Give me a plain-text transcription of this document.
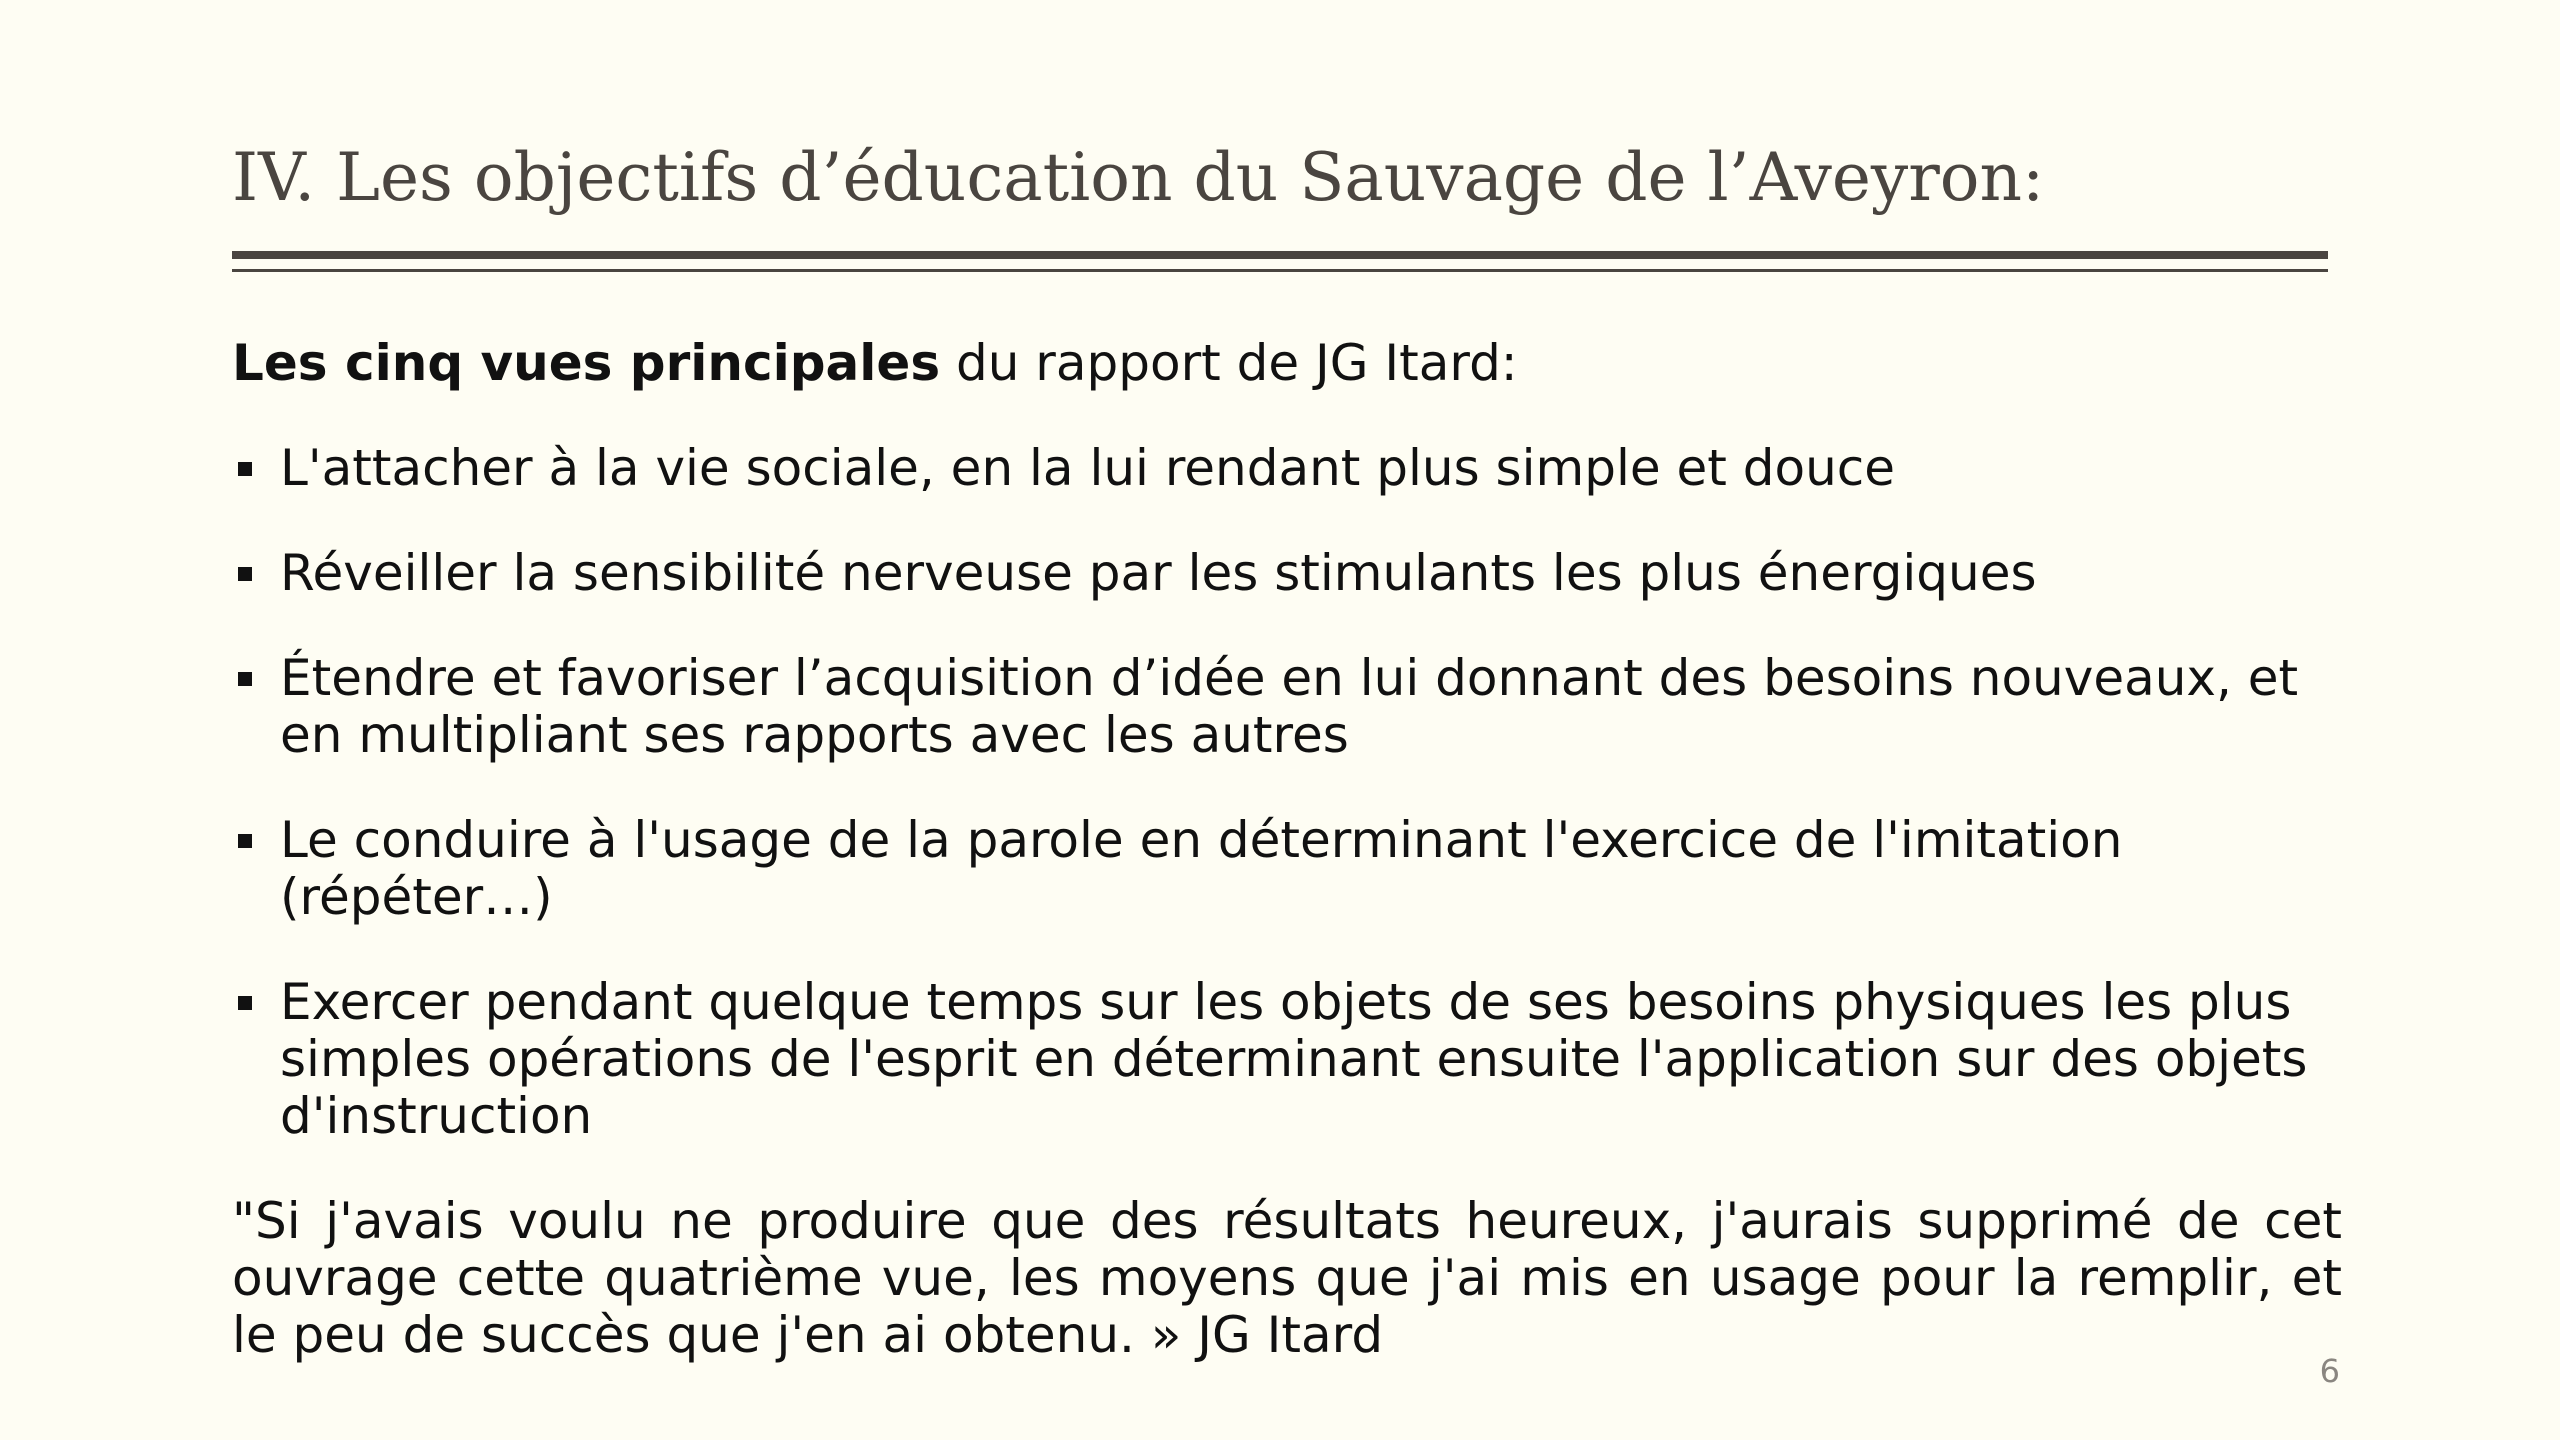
IV. Les objectifs d’éducation du Sauvage de l’Aveyron:

Les cinq vues principales du rapport de JG Itard:

L'attacher à la vie sociale, en la lui rendant plus simple et douce
Réveiller la sensibilité nerveuse par les stimulants les plus énergiques
Étendre et favoriser l’acquisition d’idée en lui donnant des besoins nouveaux, et en multipliant ses rapports avec les autres
Le conduire à l'usage de la parole en déterminant l'exercice de l'imitation (répéter…)
Exercer pendant quelque temps sur les objets de ses besoins physiques les plus simples opérations de l'esprit en déterminant ensuite l'application sur des objets d'instruction

"Si j'avais voulu ne produire que des résultats heureux, j'aurais supprimé de cet ouvrage cette quatrième vue, les moyens que j'ai mis en usage pour la remplir, et le peu de succès que j'en ai obtenu. » JG Itard

6
